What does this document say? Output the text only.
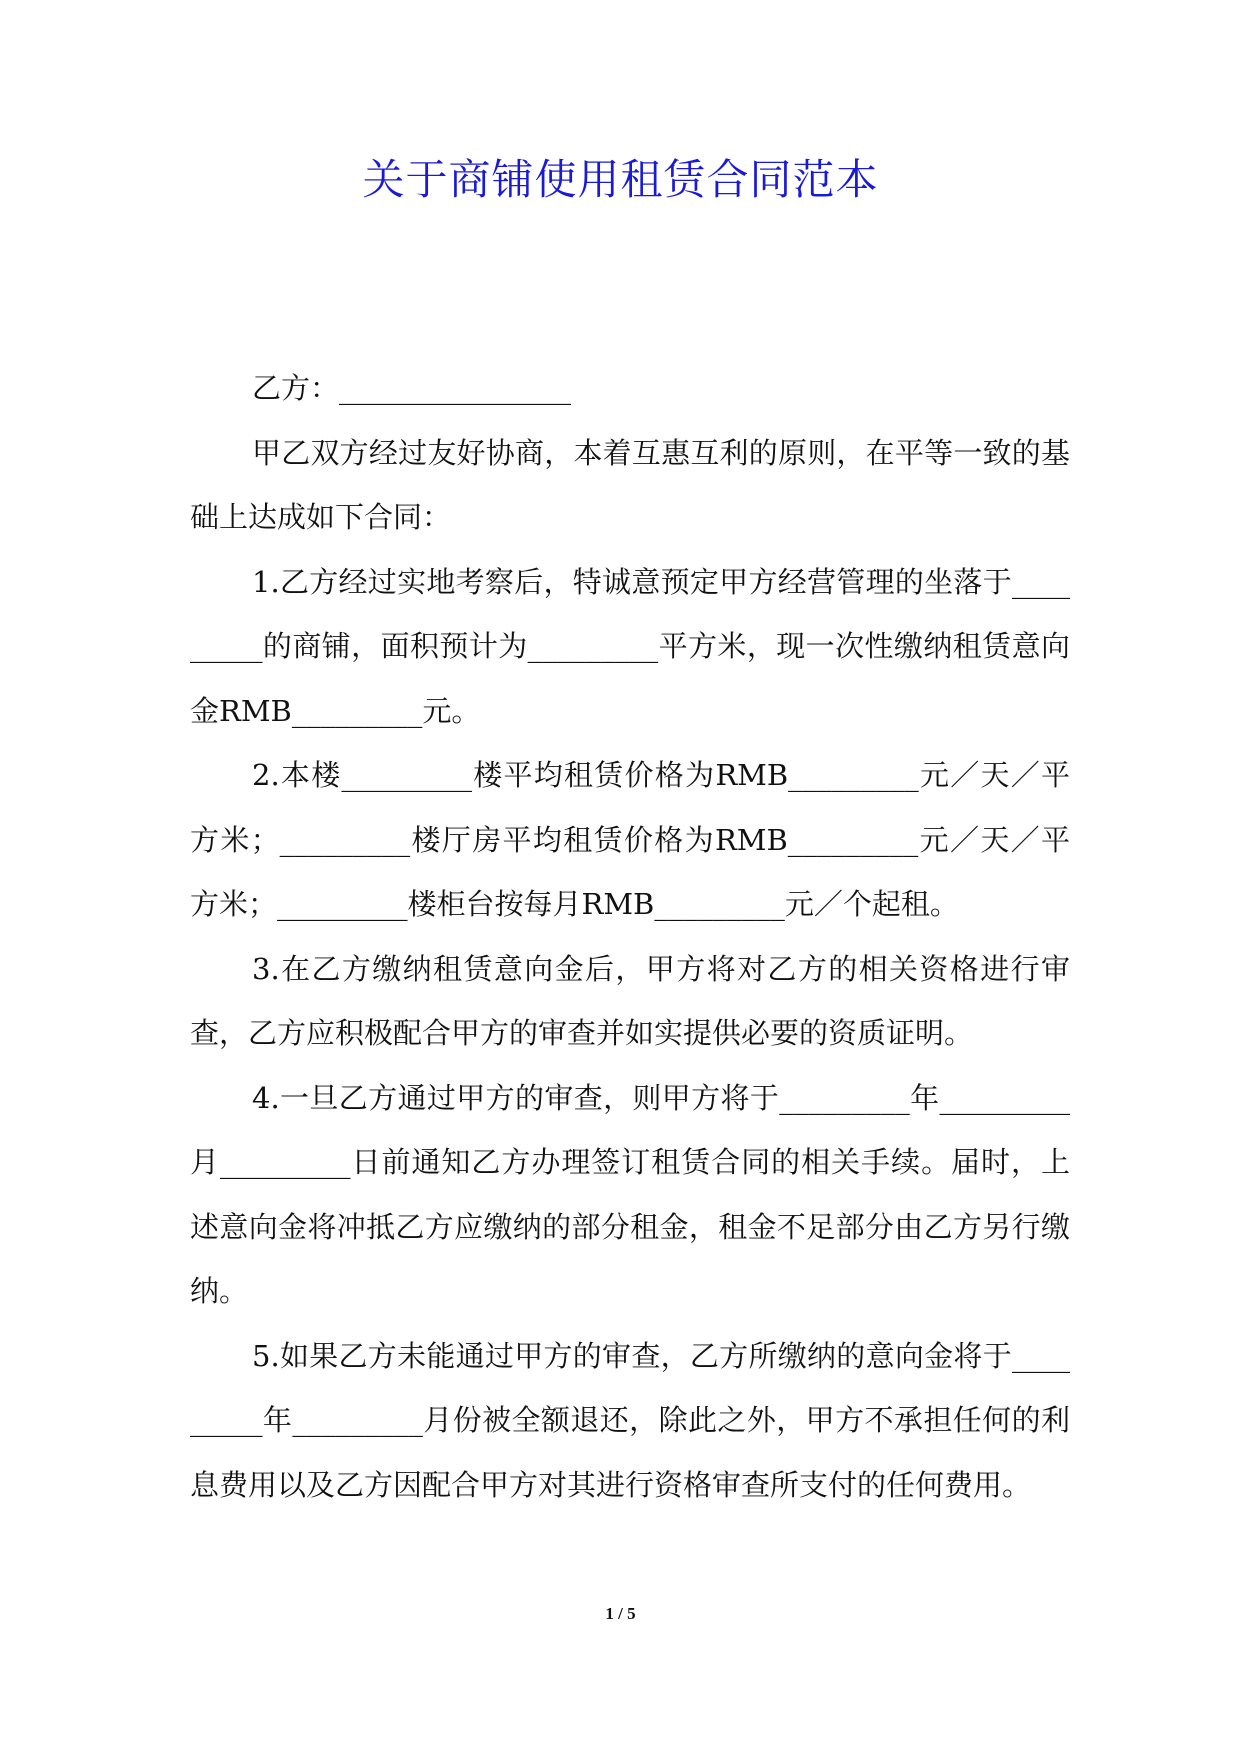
关于商铺使用租赁合同范本

乙方：________________

甲乙双方经过友好协商，本着互惠互利的原则，在平等一致的基础上达成如下合同：

1.乙方经过实地考察后，特诚意预定甲方经营管理的坐落于_________的商铺，面积预计为_________平方米，现一次性缴纳租赁意向金RMB_________元。

2.本楼_________楼平均租赁价格为RMB_________元／天／平方米；_________楼厅房平均租赁价格为RMB_________元／天／平方米；_________楼柜台按每月RMB_________元／个起租。

3.在乙方缴纳租赁意向金后，甲方将对乙方的相关资格进行审查，乙方应积极配合甲方的审查并如实提供必要的资质证明。

4.一旦乙方通过甲方的审查，则甲方将于_________年_________月_________日前通知乙方办理签订租赁合同的相关手续。届时，上述意向金将冲抵乙方应缴纳的部分租金，租金不足部分由乙方另行缴纳。

5.如果乙方未能通过甲方的审查，乙方所缴纳的意向金将于_________年_________月份被全额退还，除此之外，甲方不承担任何的利息费用以及乙方因配合甲方对其进行资格审查所支付的任何费用。

1 / 5
